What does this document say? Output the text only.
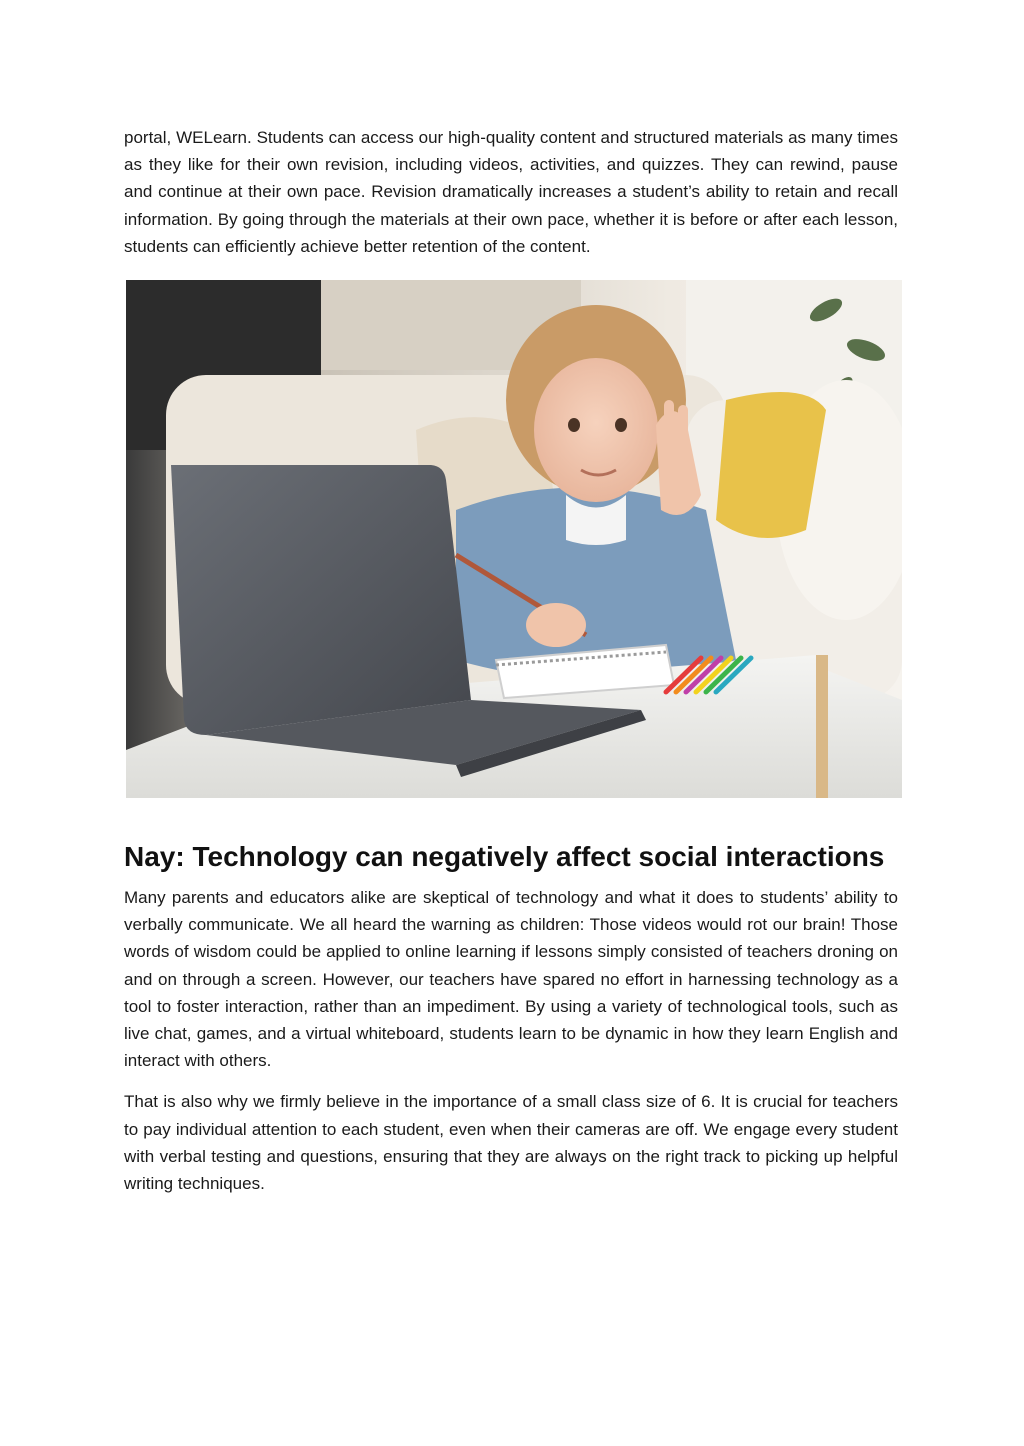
portal, WELearn. Students can access our high-quality content and structured materials as many times as they like for their own revision, including videos, activities, and quizzes. They can rewind, pause and continue at their own pace. Revision dramatically increases a student’s ability to retain and recall information. By going through the materials at their own pace, whether it is before or after each lesson, students can efficiently achieve better retention of the content.

Nay: Technology can negatively affect social interactions

Many parents and educators alike are skeptical of technology and what it does to students’ ability to verbally communicate. We all heard the warning as children: Those videos would rot our brain! Those words of wisdom could be applied to online learning if lessons simply consisted of teachers droning on and on through a screen. However, our teachers have spared no effort in harnessing technology as a tool to foster interaction, rather than an impediment. By using a variety of technological tools, such as live chat, games, and a virtual whiteboard, students learn to be dynamic in how they learn English and interact with others.

That is also why we firmly believe in the importance of a small class size of 6. It is crucial for teachers to pay individual attention to each student, even when their cameras are off. We engage every student with verbal testing and questions, ensuring that they are always on the right track to picking up helpful writing techniques.
